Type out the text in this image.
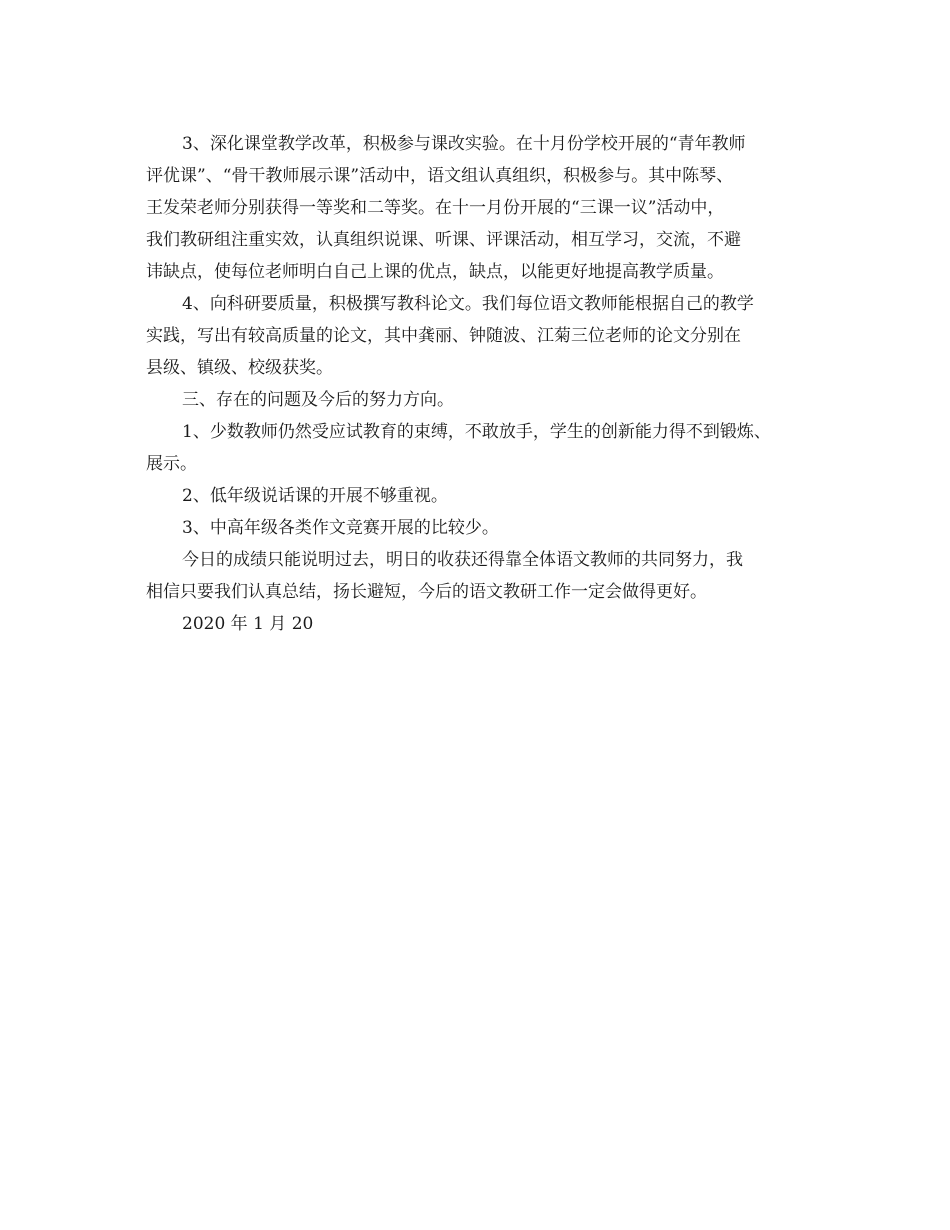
3、深化课堂教学改革，积极参与课改实验。在十月份学校开展的“青年教师
评优课”、“骨干教师展示课”活动中，语文组认真组织，积极参与。其中陈琴、
王发荣老师分别获得一等奖和二等奖。在十一月份开展的“三课一议”活动中，
我们教研组注重实效，认真组织说课、听课、评课活动，相互学习，交流，不避
讳缺点，使每位老师明白自己上课的优点，缺点，以能更好地提高教学质量。
4、向科研要质量，积极撰写教科论文。我们每位语文教师能根据自己的教学
实践，写出有较高质量的论文，其中龚丽、钟随波、江菊三位老师的论文分别在
县级、镇级、校级获奖。
三、存在的问题及今后的努力方向。
1、少数教师仍然受应试教育的束缚，不敢放手，学生的创新能力得不到锻炼、
展示。
2、低年级说话课的开展不够重视。
3、中高年级各类作文竞赛开展的比较少。
今日的成绩只能说明过去，明日的收获还得靠全体语文教师的共同努力，我
相信只要我们认真总结，扬长避短，今后的语文教研工作一定会做得更好。
2020 年 1 月 20
